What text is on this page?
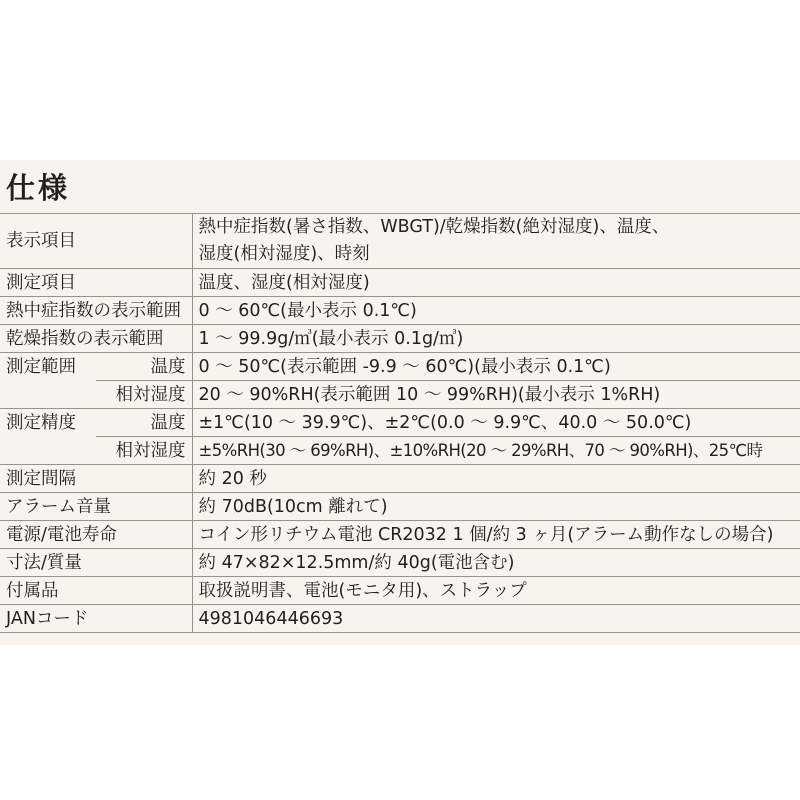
仕様
表示項目		熱中症指数(暑さ指数、WBGT)/乾燥指数(絶対湿度)、温度、
湿度(相対湿度)、時刻

測定項目		温度、湿度(相対湿度)
熱中症指数の表示範囲		0 ～ 60℃(最小表示 0.1℃)
乾燥指数の表示範囲		1 ～ 99.9g/㎥(最小表示 0.1g/㎥)
測定範囲	温度	0 ～ 50℃(表示範囲 -9.9 ～ 60℃)(最小表示 0.1℃)
	相対湿度	20 ～ 90%RH(表示範囲 10 ～ 99%RH)(最小表示 1%RH)
測定精度	温度	±1℃(10 ～ 39.9℃)、±2℃(0.0 ～ 9.9℃、40.0 ～ 50.0℃)
	相対湿度	±5%RH(30 ～ 69%RH)、±10%RH(20 ～ 29%RH、70 ～ 90%RH)、25℃時
測定間隔		約 20 秒
アラーム音量		約 70dB(10cm 離れて)
電源/電池寿命		コイン形リチウム電池 CR2032 1 個/約 3 ヶ月(アラーム動作なしの場合)
寸法/質量		約 47×82×12.5mm/約 40g(電池含む)
付属品		取扱説明書、電池(モニタ用)、ストラップ
JANコード		4981046446693
